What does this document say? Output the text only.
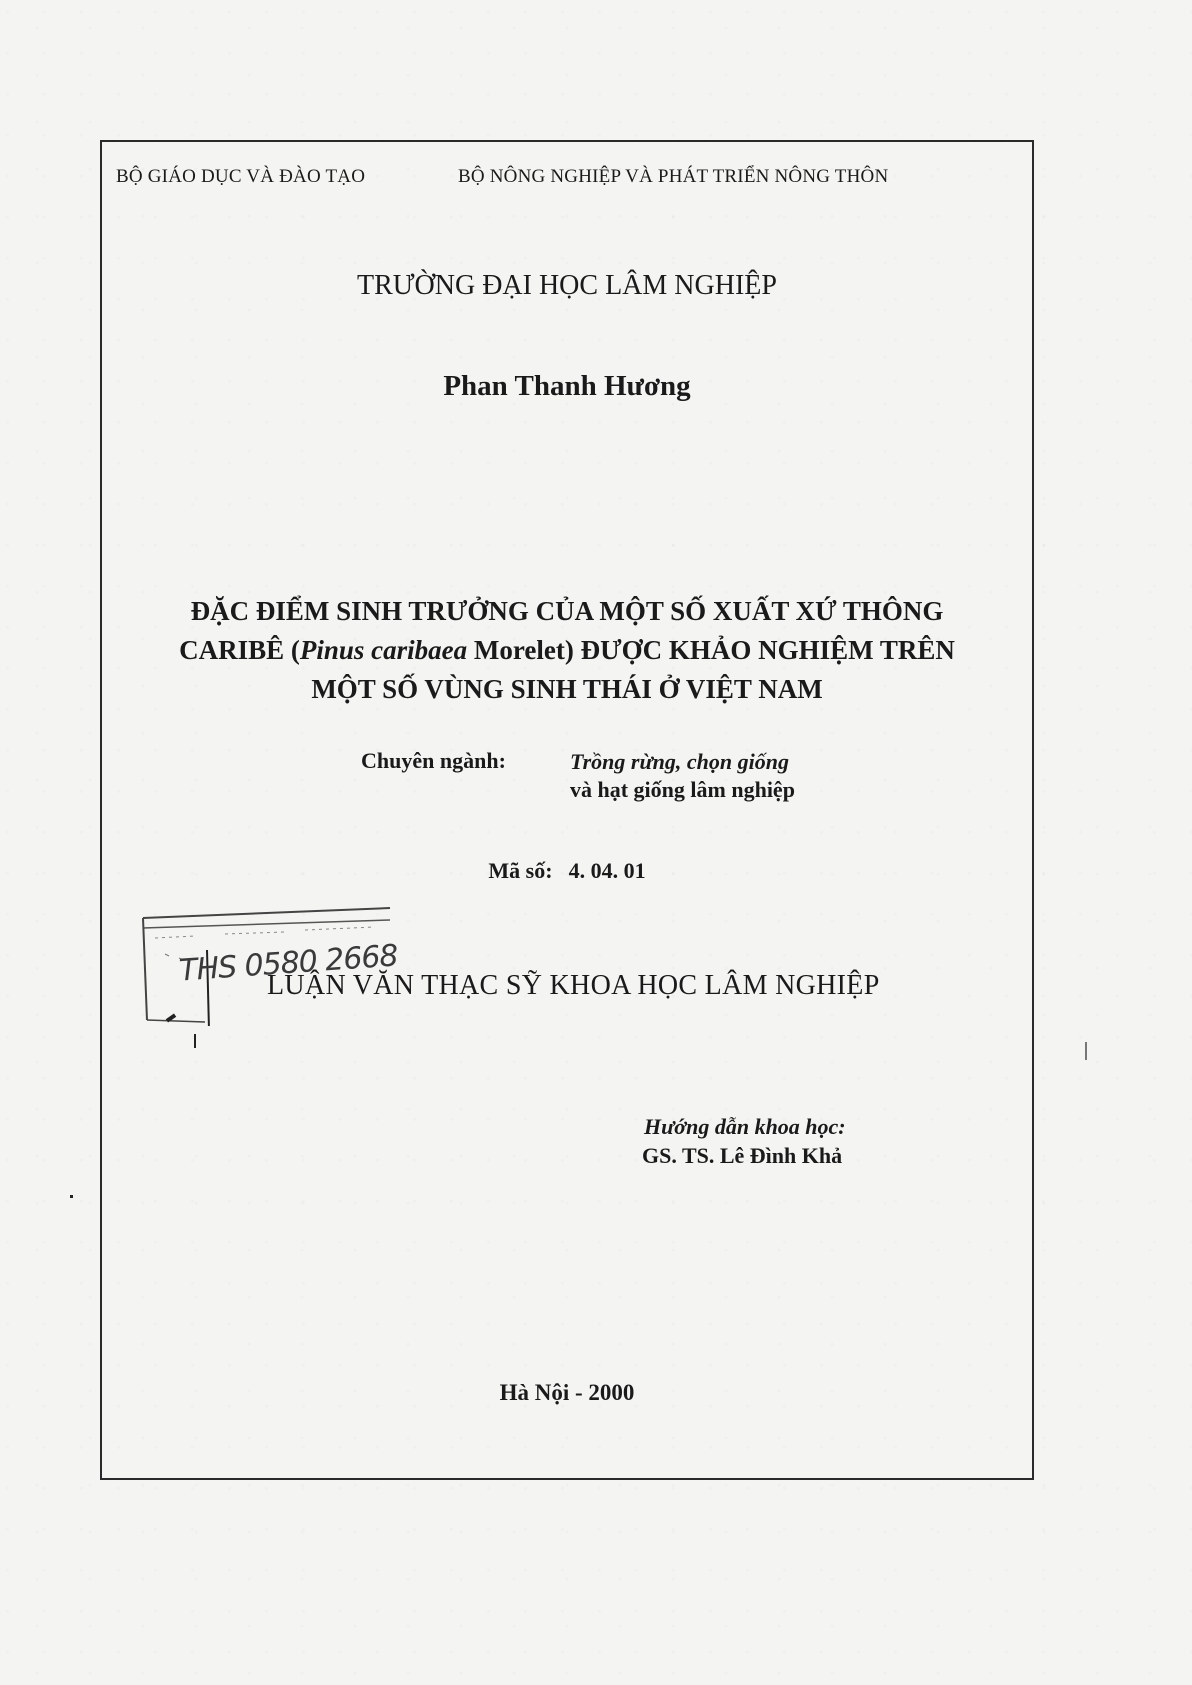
BỘ GIÁO DỤC VÀ ĐÀO TẠO	BỘ NÔNG NGHIỆP VÀ PHÁT TRIỂN NÔNG THÔN
TRƯỜNG ĐẠI HỌC LÂM NGHIỆP
Phan Thanh Hương
ĐẶC ĐIỂM SINH TRƯỞNG CỦA MỘT SỐ XUẤT XỨ THÔNG
CARIBÊ (Pinus caribaea Morelet) ĐƯỢC KHẢO NGHIỆM TRÊN
MỘT SỐ VÙNG SINH THÁI Ở VIỆT NAM
Chuyên ngành:	Trồng rừng, chọn giống
và hạt giống lâm nghiệp
Mã số: 4. 04. 01
LUẬN VĂN THẠC SỸ KHOA HỌC LÂM NGHIỆP
Hướng dẫn khoa học:
GS. TS. Lê Đình Khả
Hà Nội - 2000
THS 0580 2668
